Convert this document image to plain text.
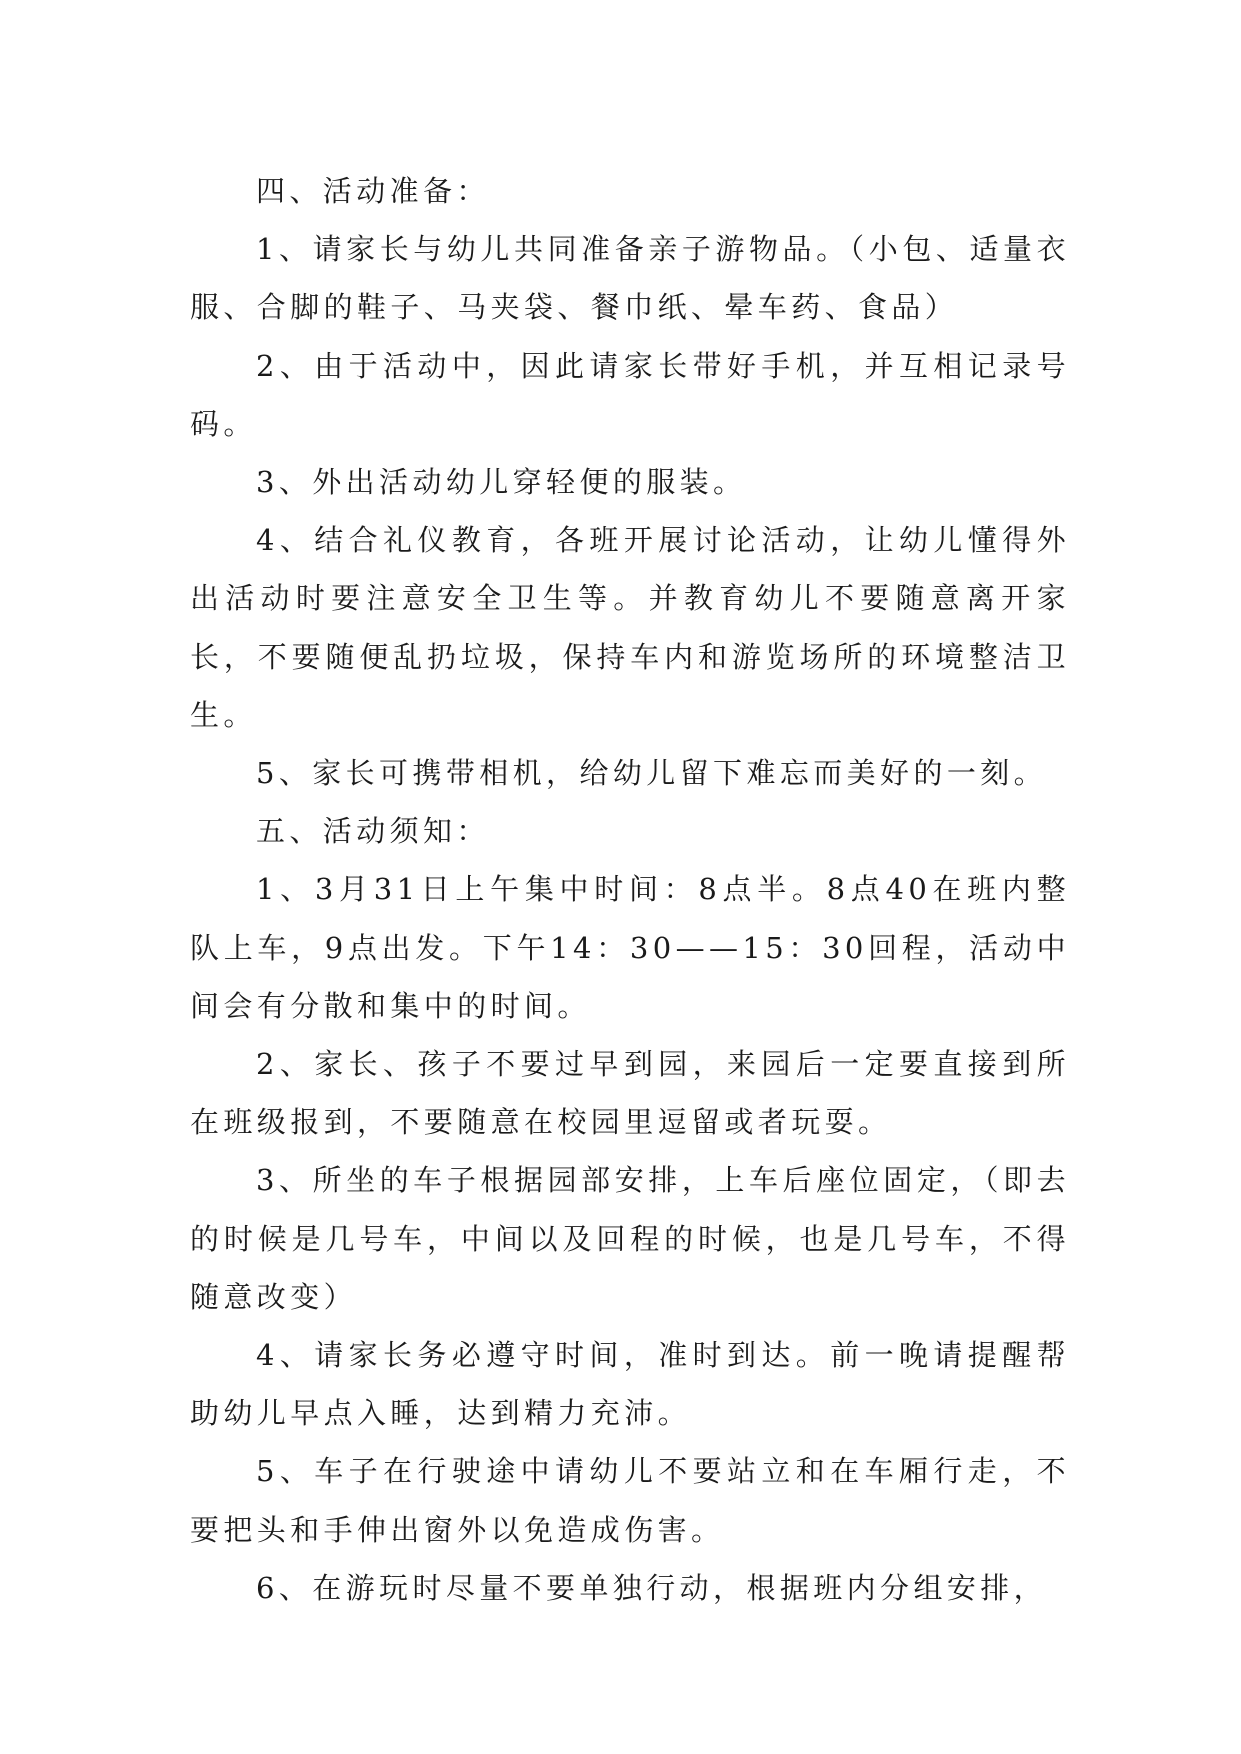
四、活动准备：

1、请家长与幼儿共同准备亲子游物品。（小包、适量衣服、合脚的鞋子、马夹袋、餐巾纸、晕车药、食品）

2、由于活动中，因此请家长带好手机，并互相记录号码。

3、外出活动幼儿穿轻便的服装。

4、结合礼仪教育，各班开展讨论活动，让幼儿懂得外出活动时要注意安全卫生等。并教育幼儿不要随意离开家长，不要随便乱扔垃圾，保持车内和游览场所的环境整洁卫生。

5、家长可携带相机，给幼儿留下难忘而美好的一刻。

五、活动须知：

1、3月31日上午集中时间：8点半。8点40在班内整队上车，9点出发。下午14：30——15：30回程，活动中间会有分散和集中的时间。

2、家长、孩子不要过早到园，来园后一定要直接到所在班级报到，不要随意在校园里逗留或者玩耍。

3、所坐的车子根据园部安排，上车后座位固定，（即去的时候是几号车，中间以及回程的时候，也是几号车，不得随意改变）

4、请家长务必遵守时间，准时到达。前一晚请提醒帮助幼儿早点入睡，达到精力充沛。

5、车子在行驶途中请幼儿不要站立和在车厢行走，不要把头和手伸出窗外以免造成伤害。

6、在游玩时尽量不要单独行动，根据班内分组安排，
